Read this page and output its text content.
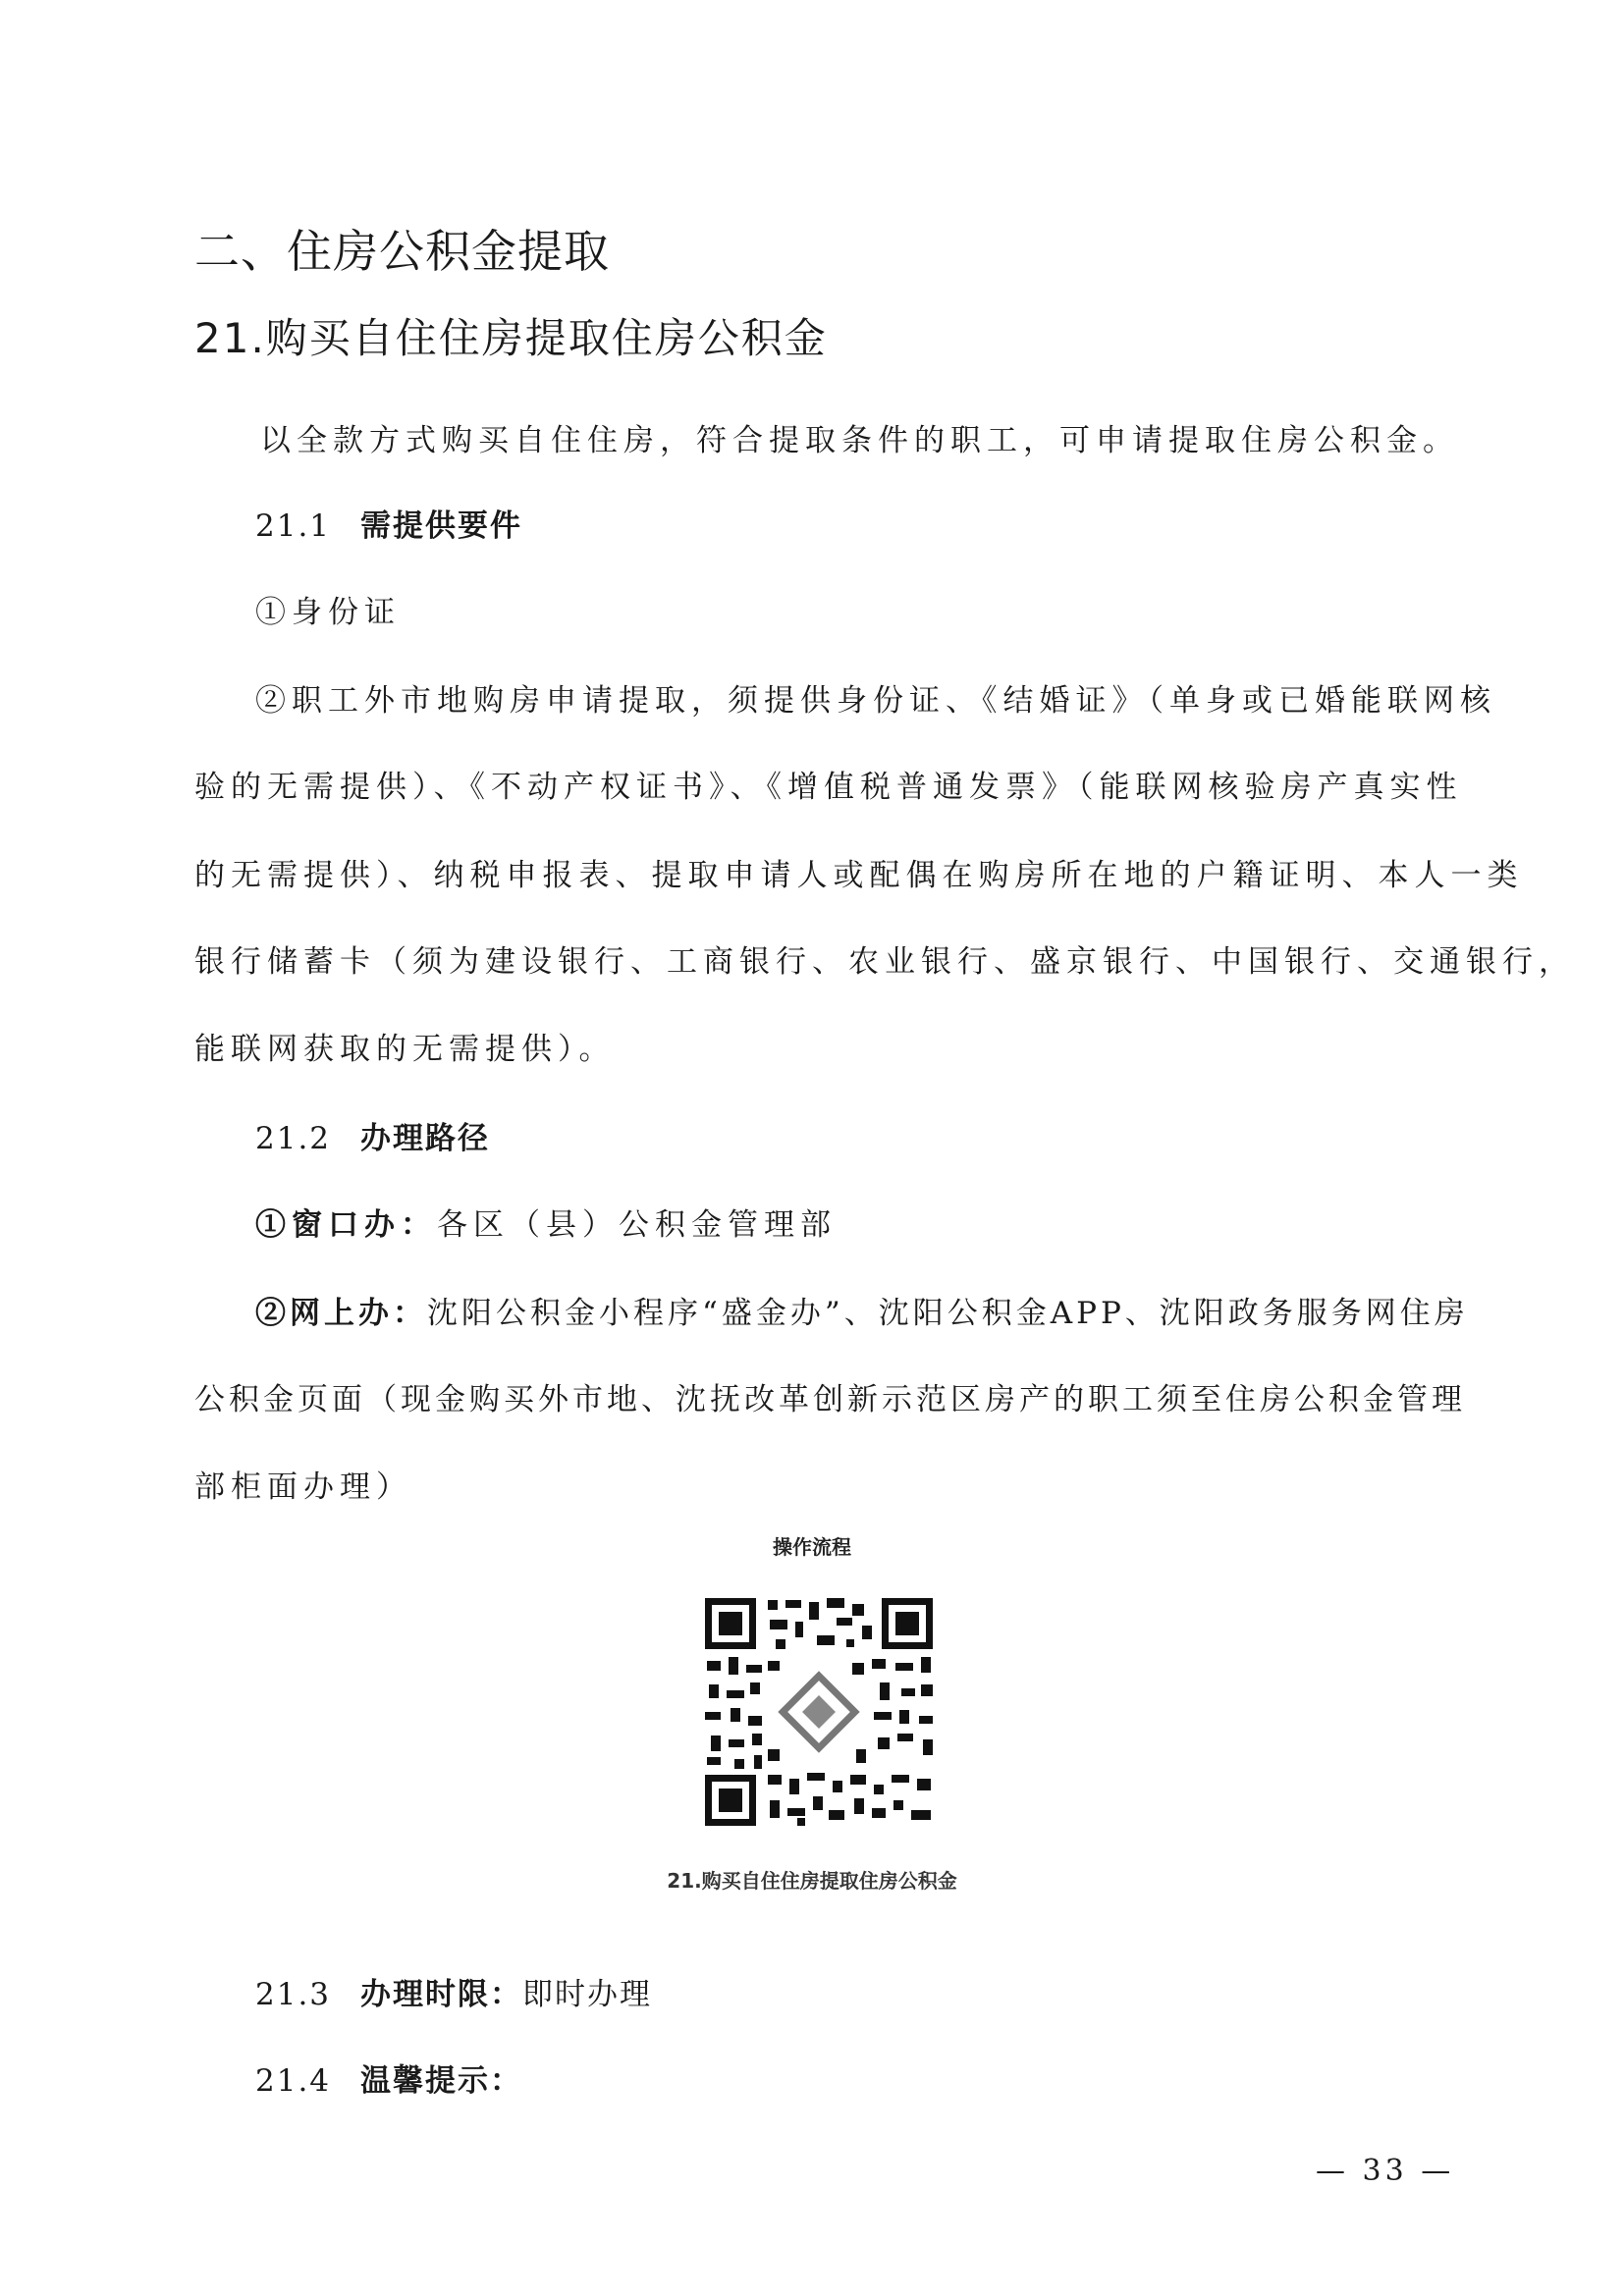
二、住房公积金提取
21.购买自住住房提取住房公积金
以全款方式购买自住住房，符合提取条件的职工，可申请提取住房公积金。
21.1 需提供要件
①身份证
②职工外市地购房申请提取，须提供身份证、《结婚证》（单身或已婚能联网核
验的无需提供）、《不动产权证书》、《增值税普通发票》（能联网核验房产真实性
的无需提供）、纳税申报表、提取申请人或配偶在购房所在地的户籍证明、本人一类
银行储蓄卡（须为建设银行、工商银行、农业银行、盛京银行、中国银行、交通银行，
能联网获取的无需提供）。
21.2 办理路径
①窗口办：各区（县）公积金管理部
②网上办：沈阳公积金小程序“盛金办”、沈阳公积金APP、沈阳政务服务网住房
公积金页面（现金购买外市地、沈抚改革创新示范区房产的职工须至住房公积金管理
部柜面办理）
操作流程
21.购买自住住房提取住房公积金
21.3 办理时限：即时办理
21.4 温馨提示：
— 33 —
